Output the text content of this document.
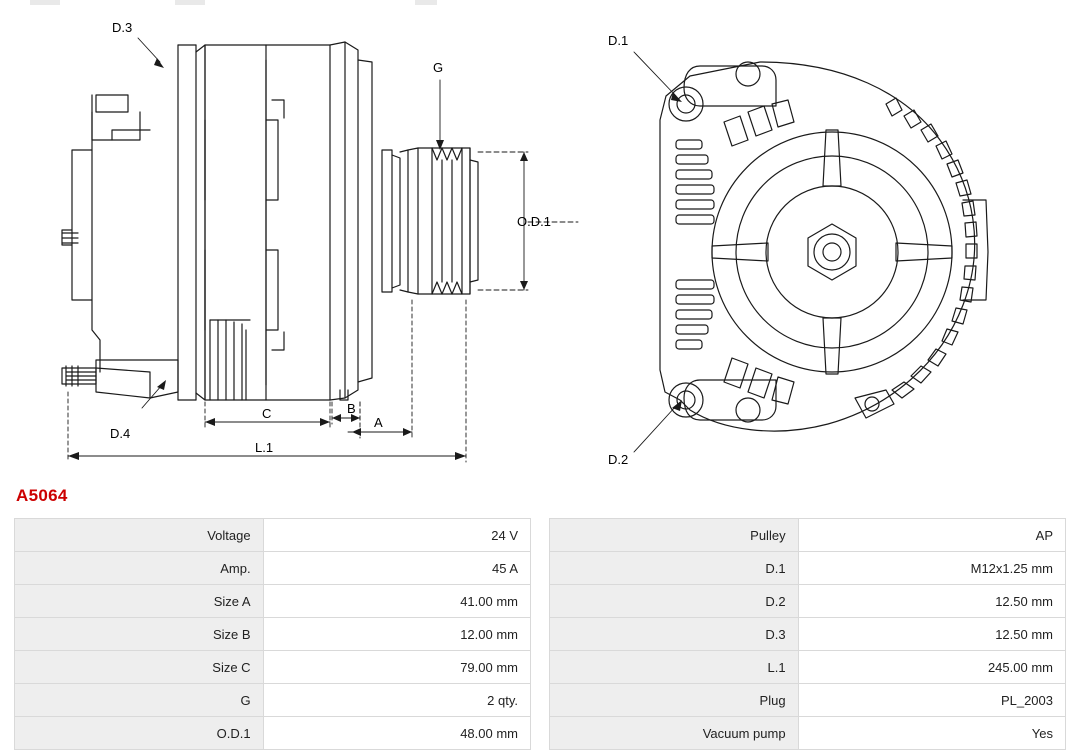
D.3
G
O.D.1
D.4
C	B
A
L.1
D.1
D.2
A5064
Voltage	24 V
Amp.	45 A
Size A	41.00 mm
Size B	12.00 mm
Size C	79.00 mm
G	2 qty.
O.D.1	48.00 mm
Pulley	AP
D.1	M12x1.25 mm
D.2	12.50 mm
D.3	12.50 mm
L.1	245.00 mm
Plug	PL_2003
Vacuum pump	Yes
